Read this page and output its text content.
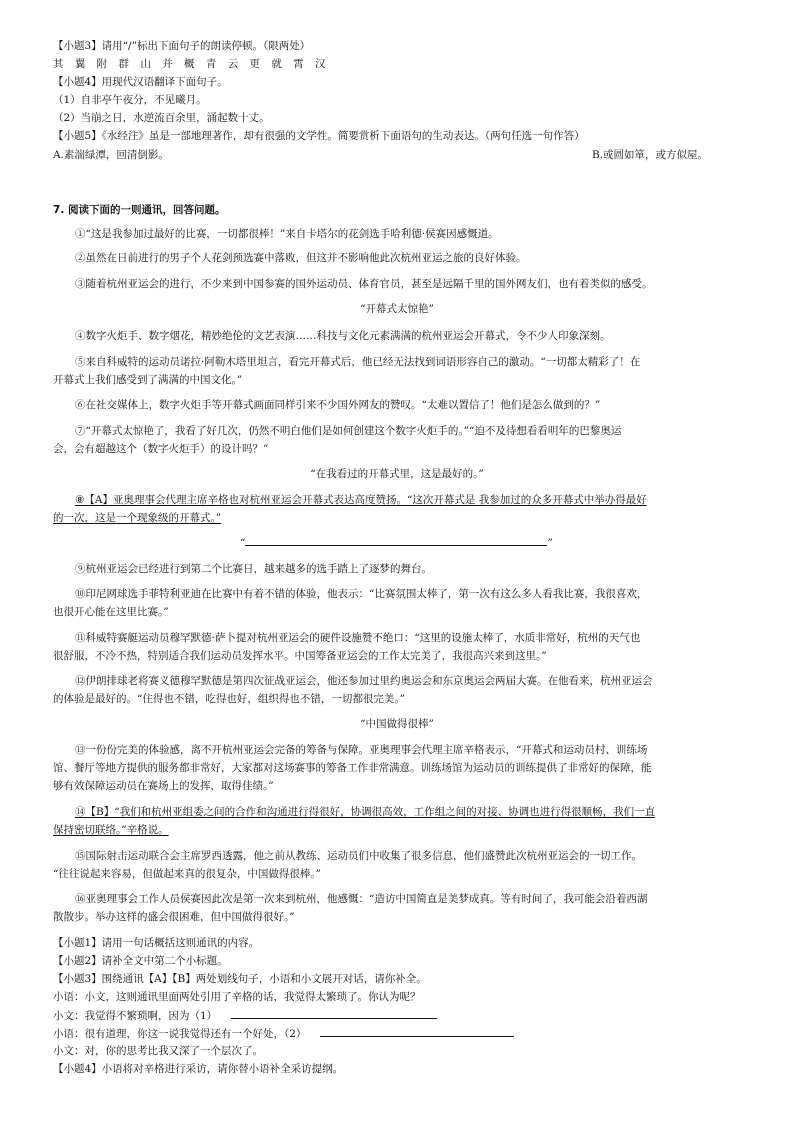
【小题3】请用“/”标出下面句子的朗读停顿。（限两处）
其 翼 附 群 山 并 概 青 云 更 就 霄 汉
【小题4】用现代汉语翻译下面句子。
（1）自非亭午夜分，不见曦月。
（2）当崩之日，水逆流百余里，涌起数十丈。
【小题5】《水经注》虽是一部地理著作，却有很强的文学性。简要赏析下面语句的生动表达。（两句任选一句作答）
A.素湍绿潭，回清倒影。	B.或圆如箪，或方似屋。
7. 阅读下面的一则通讯，回答问题。
①“这是我参加过最好的比赛，一切都很棒！”来自卡塔尔的花剑选手哈利德·侯赛因感慨道。
②虽然在日前进行的男子个人花剑预选赛中落败，但这并不影响他此次杭州亚运之旅的良好体验。
③随着杭州亚运会的进行，不少来到中国参赛的国外运动员、体育官员，甚至是远隔千里的国外网友们，也有着类似的感受。
“开幕式太惊艳”
④数字火炬手、数字烟花，精妙绝伦的文艺表演……科技与文化元素满满的杭州亚运会开幕式，令不少人印象深刻。
⑤来自科威特的运动员诺拉·阿勒木塔里坦言，看完开幕式后，他已经无法找到词语形容自己的激动。“一切都太精彩了！在
开幕式上我们感受到了满满的中国文化。”
⑥在社交媒体上，数字火炬手等开幕式画面同样引来不少国外网友的赞叹。“太难以置信了！他们是怎么做到的？”
⑦“开幕式太惊艳了，我看了好几次，仍然不明白他们是如何创建这个数字火炬手的。”“迫不及待想看看明年的巴黎奥运
会，会有超越这个（数字火炬手）的设计吗？”
“在我看过的开幕式里，这是最好的。”
⑧【A】亚奥理事会代理主席辛格也对杭州亚运会开幕式表达高度赞扬。“这次开幕式是 我参加过的众多开幕式中举办得最好
的一次，这是一个现象级的开幕式。”
“	”
⑨杭州亚运会已经进行到第二个比赛日，越来越多的选手踏上了逐梦的舞台。
⑩印尼网球选手菲特利亚迪在比赛中有着不错的体验，他表示：“比赛氛围太棒了，第一次有这么多人看我比赛，我很喜欢，
也很开心能在这里比赛。”
⑪科威特赛艇运动员穆罕默德·萨卜提对杭州亚运会的硬件设施赞不绝口：“这里的设施太棒了，水质非常好，杭州的天气也
很舒服，不冷不热，特别适合我们运动员发挥水平。中国筹备亚运会的工作太完美了，我很高兴来到这里。”
⑫伊朗排球老将赛义德穆罕默德是第四次征战亚运会，他还参加过里约奥运会和东京奥运会两届大赛。在他看来，杭州亚运会
的体验是最好的。“住得也不错，吃得也好，组织得也不错，一切都很完美。”
“中国做得很棒”
⑬一份份完美的体验感，离不开杭州亚运会完备的筹备与保障。亚奥理事会代理主席辛格表示，“开幕式和运动员村、训练场
馆、餐厅等地方提供的服务都非常好，大家都对这场赛事的筹备工作非常满意。训练场馆为运动员的训练提供了非常好的保障，能
够有效保障运动员在赛场上的发挥，取得佳绩。”
⑭【B】“我们和杭州亚组委之间的合作和沟通进行得很好，协调很高效，工作组之间的对接、协调也进行得很顺畅，我们一直
保持密切联络。”辛格说。
⑮国际射击运动联合会主席罗西透露，他之前从教练、运动员们中收集了很多信息，他们盛赞此次杭州亚运会的一切工作。
“往往说起来容易，但做起来真的很复杂，中国做得很棒。”
⑯亚奥理事会工作人员侯赛因此次是第一次来到杭州，他感慨：“造访中国简直是美梦成真。等有时间了，我可能会沿着西湖
散散步。举办这样的盛会很困难，但中国做得很好。”
【小题1】请用一句话概括这则通讯的内容。
【小题2】请补全文中第二个小标题。
【小题3】围绕通讯【A】【B】两处划线句子，小语和小文展开对话，请你补全。
小语：小文，这则通讯里面两处引用了辛格的话，我觉得太繁琐了。你认为呢？
小文：我觉得不繁琐啊，因为（1）
小语：很有道理，你这一说我觉得还有一个好处，（2）
小文：对，你的思考比我又深了一个层次了。
【小题4】小语将对辛格进行采访，请你替小语补全采访提纲。
